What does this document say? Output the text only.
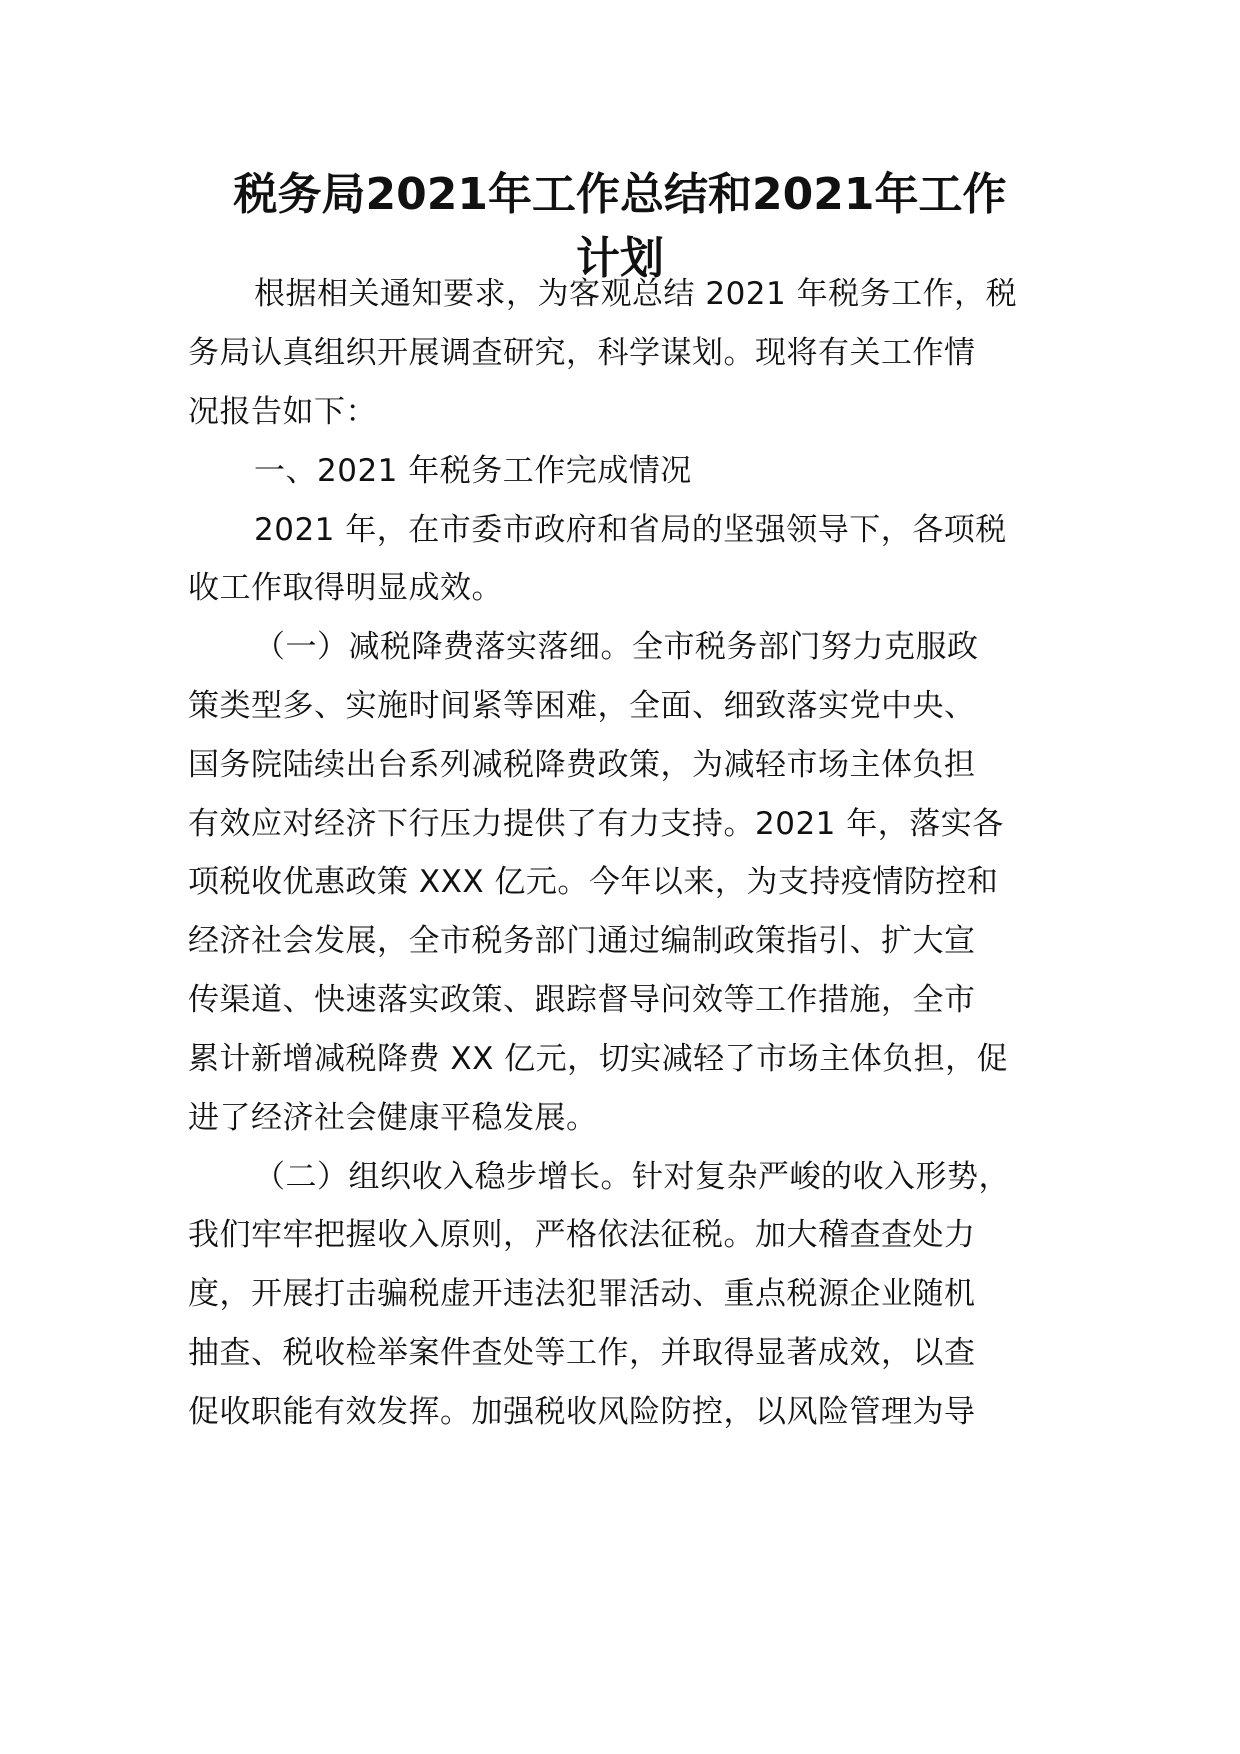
税务局2021年工作总结和2021年工作
计划
根据相关通知要求，为客观总结 2021 年税务工作，税
务局认真组织开展调查研究，科学谋划。现将有关工作情
况报告如下：
一、2021 年税务工作完成情况
2021 年，在市委市政府和省局的坚强领导下，各项税
收工作取得明显成效。
（一）减税降费落实落细。全市税务部门努力克服政
策类型多、实施时间紧等困难，全面、细致落实党中央、
国务院陆续出台系列减税降费政策，为减轻市场主体负担
有效应对经济下行压力提供了有力支持。2021 年，落实各
项税收优惠政策 XXX 亿元。今年以来，为支持疫情防控和
经济社会发展，全市税务部门通过编制政策指引、扩大宣
传渠道、快速落实政策、跟踪督导问效等工作措施，全市
累计新增减税降费 XX 亿元，切实减轻了市场主体负担，促
进了经济社会健康平稳发展。
（二）组织收入稳步增长。针对复杂严峻的收入形势，
我们牢牢把握收入原则，严格依法征税。加大稽查查处力
度，开展打击骗税虚开违法犯罪活动、重点税源企业随机
抽查、税收检举案件查处等工作，并取得显著成效，以查
促收职能有效发挥。加强税收风险防控，以风险管理为导
